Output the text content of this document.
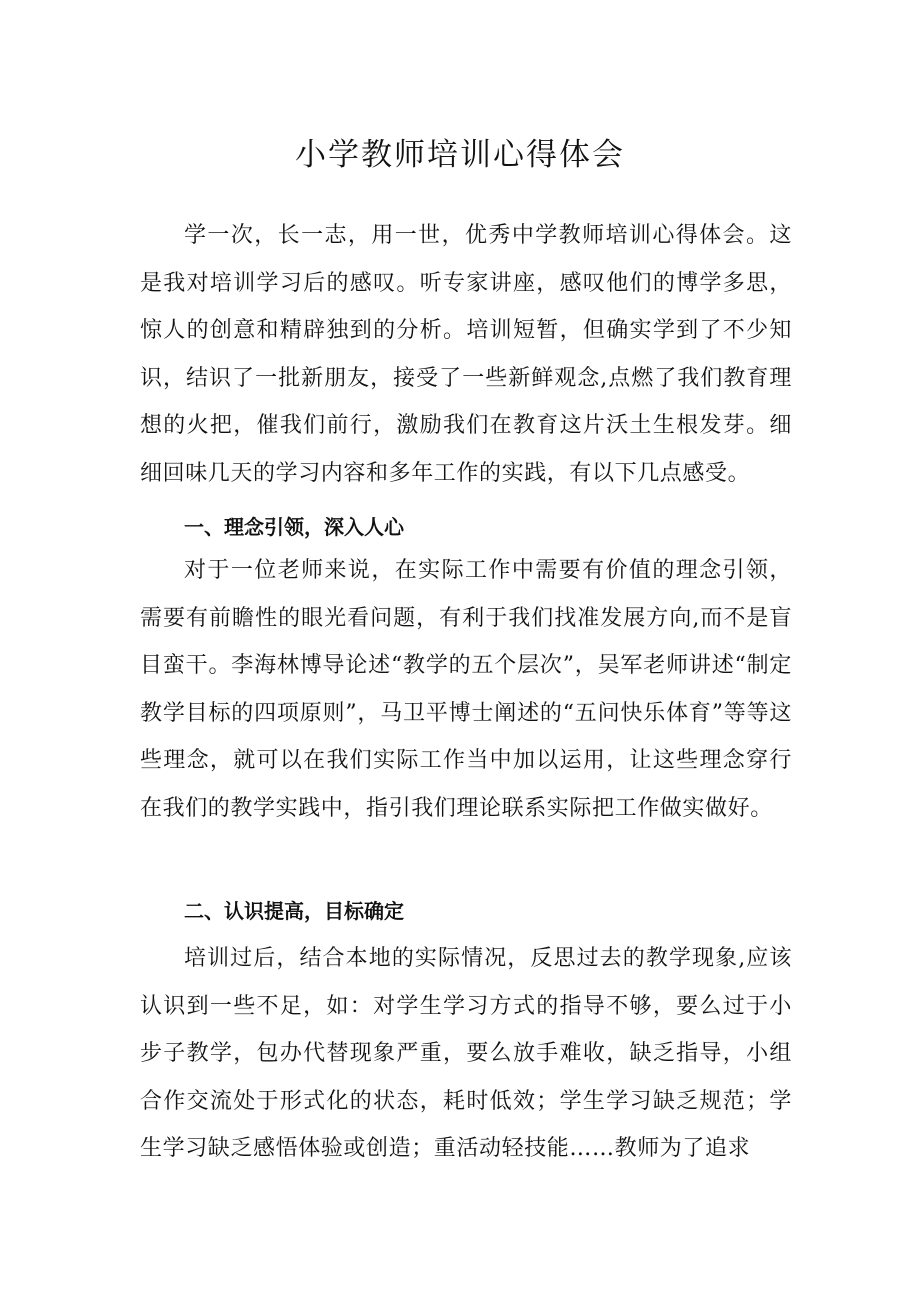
小学教师培训心得体会

学一次，长一志，用一世，优秀中学教师培训心得体会。这是我对培训学习后的感叹。听专家讲座，感叹他们的博学多思，惊人的创意和精辟独到的分析。培训短暂，但确实学到了不少知识，结识了一批新朋友，接受了一些新鲜观念,点燃了我们教育理想的火把，催我们前行，激励我们在教育这片沃土生根发芽。细细回味几天的学习内容和多年工作的实践，有以下几点感受。

一、理念引领，深入人心

对于一位老师来说，在实际工作中需要有价值的理念引领，需要有前瞻性的眼光看问题，有利于我们找准发展方向,而不是盲目蛮干。李海林博导论述“教学的五个层次”，吴军老师讲述“制定教学目标的四项原则”，马卫平博士阐述的“五问快乐体育”等等这些理念，就可以在我们实际工作当中加以运用，让这些理念穿行在我们的教学实践中，指引我们理论联系实际把工作做实做好。

二、认识提高，目标确定

培训过后，结合本地的实际情况，反思过去的教学现象,应该认识到一些不足，如：对学生学习方式的指导不够，要么过于小步子教学，包办代替现象严重，要么放手难收，缺乏指导，小组合作交流处于形式化的状态，耗时低效；学生学习缺乏规范；学生学习缺乏感悟体验或创造；重活动轻技能……教师为了追求
